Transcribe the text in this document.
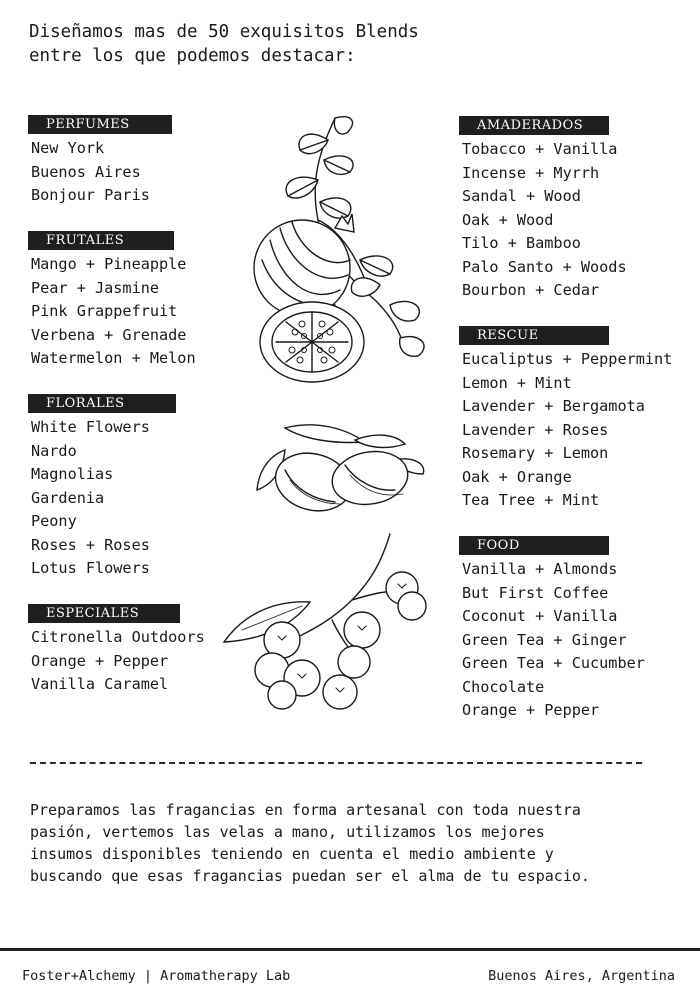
Diseñamos mas de 50 exquisitos Blends
entre los que podemos destacar:
PERFUMES
New York
Buenos Aires
Bonjour Paris
FRUTALES
Mango + Pineapple
Pear + Jasmine
Pink Grappefruit
Verbena + Grenade
Watermelon + Melon
FLORALES
White Flowers
Nardo
Magnolias
Gardenia
Peony
Roses + Roses
Lotus Flowers
ESPECIALES
Citronella Outdoors
Orange + Pepper
Vanilla Caramel
AMADERADOS
Tobacco + Vanilla
Incense + Myrrh
Sandal + Wood
Oak + Wood
Tilo + Bamboo
Palo Santo + Woods
Bourbon + Cedar
RESCUE
Eucaliptus + Peppermint
Lemon + Mint
Lavender + Bergamota
Lavender + Roses
Rosemary + Lemon
Oak + Orange
Tea Tree + Mint
FOOD
Vanilla + Almonds
But First Coffee
Coconut + Vanilla
Green Tea + Ginger
Green Tea + Cucumber
Chocolate
Orange + Pepper
Preparamos las fragancias en forma artesanal con toda nuestra
pasión, vertemos las velas a mano, utilizamos los mejores
insumos disponibles teniendo en cuenta el medio ambiente y
buscando que esas fragancias puedan ser el alma de tu espacio.
Foster+Alchemy | Aromatherapy Lab	Buenos Aires, Argentina
